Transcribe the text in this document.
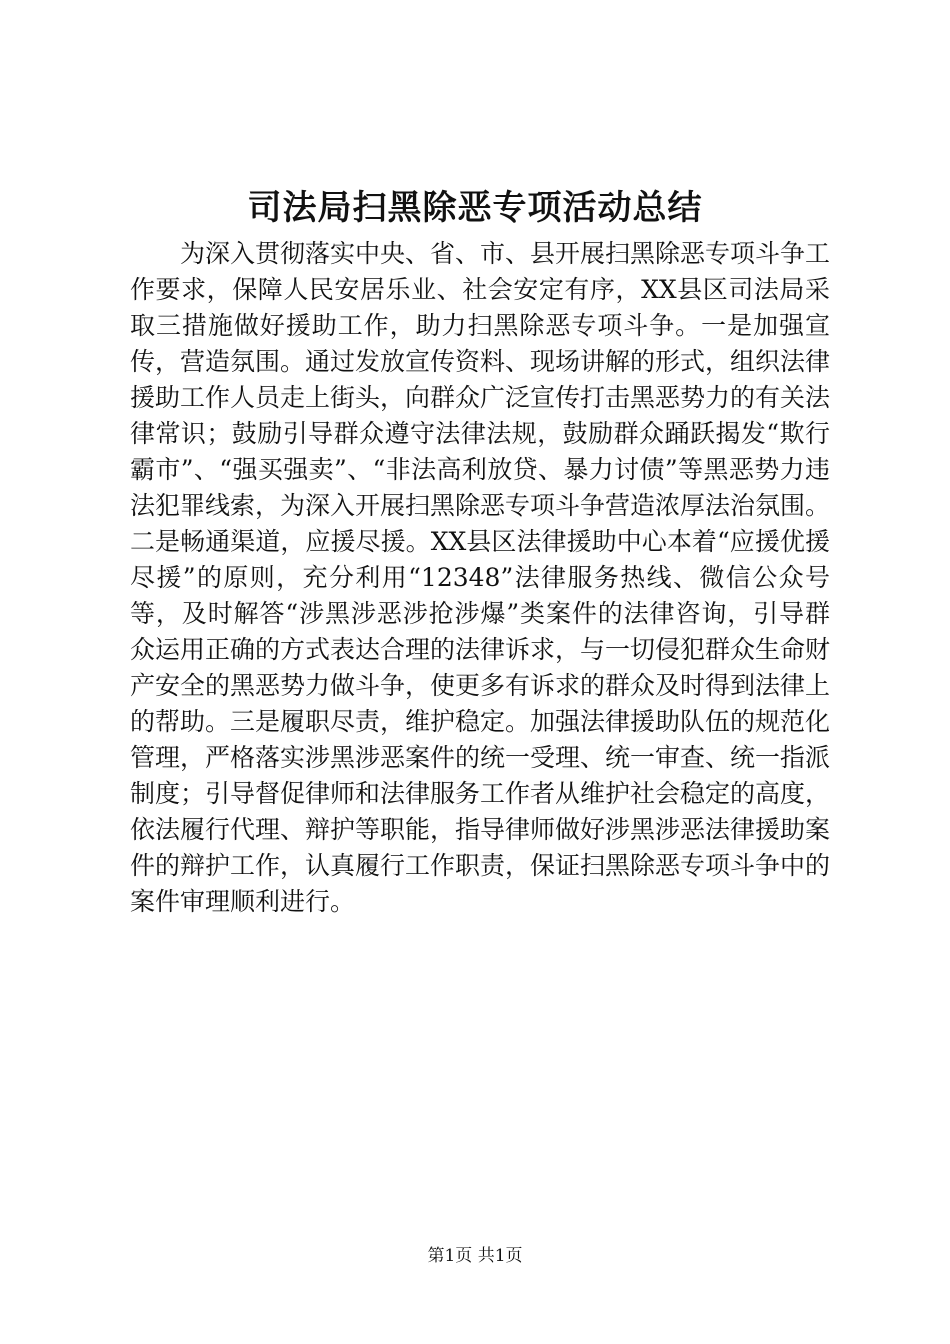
司法局扫黑除恶专项活动总结

为深入贯彻落实中央、省、市、县开展扫黑除恶专项斗争工作要求，保障人民安居乐业、社会安定有序，XX县区司法局采取三措施做好援助工作，助力扫黑除恶专项斗争。一是加强宣传，营造氛围。通过发放宣传资料、现场讲解的形式，组织法律援助工作人员走上街头，向群众广泛宣传打击黑恶势力的有关法律常识；鼓励引导群众遵守法律法规，鼓励群众踊跃揭发“欺行霸市”、“强买强卖”、“非法高利放贷、暴力讨债”等黑恶势力违法犯罪线索，为深入开展扫黑除恶专项斗争营造浓厚法治氛围。二是畅通渠道，应援尽援。XX县区法律援助中心本着“应援优援尽援”的原则，充分利用“12348”法律服务热线、微信公众号等，及时解答“涉黑涉恶涉抢涉爆”类案件的法律咨询，引导群众运用正确的方式表达合理的法律诉求，与一切侵犯群众生命财产安全的黑恶势力做斗争，使更多有诉求的群众及时得到法律上的帮助。三是履职尽责，维护稳定。加强法律援助队伍的规范化管理，严格落实涉黑涉恶案件的统一受理、统一审查、统一指派制度；引导督促律师和法律服务工作者从维护社会稳定的高度，依法履行代理、辩护等职能，指导律师做好涉黑涉恶法律援助案件的辩护工作，认真履行工作职责，保证扫黑除恶专项斗争中的案件审理顺利进行。

第1页 共1页
